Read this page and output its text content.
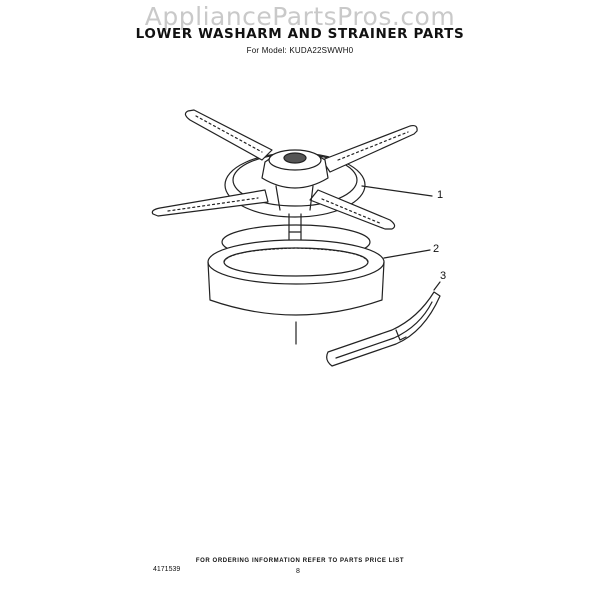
AppliancePartsPros.com
LOWER WASHARM AND STRAINER PARTS
For Model: KUDA22SWWH0
1
2
3
FOR ORDERING INFORMATION REFER TO PARTS PRICE LIST
4171539	8
